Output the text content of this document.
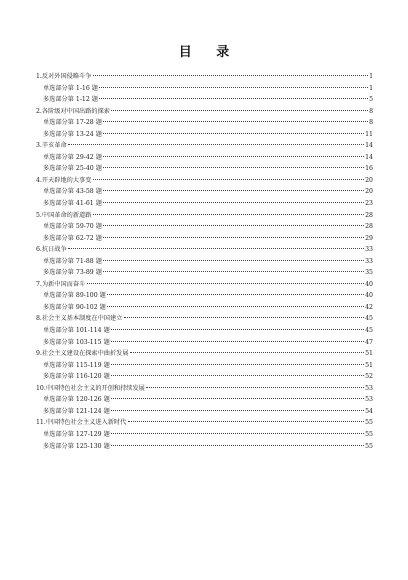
目 录
1.反对外国侵略斗争	1
单选部分第 1-16 题	1
多选部分第 1-12 题	5
2.各阶级对中国出路的探索	8
单选部分第 17-28 题	8
多选部分第 13-24 题	11
3.辛亥革命	14
单选部分第 29-42 题	14
多选部分第 25-40 题	16
4.开天辟地的大事变	20
单选部分第 43-58 题	20
多选部分第 41-61 题	23
5.中国革命的新道路	28
单选部分第 59-70 题	28
多选部分第 62-72 题	29
6.抗日战争	33
单选部分第 71-88 题	33
多选部分第 73-89 题	35
7.为新中国而奋斗	40
单选部分第 89-100 题	40
多选部分第 90-102 题	42
8.社会主义基本制度在中国建立	45
单选部分第 101-114 题	45
多选部分第 103-115 题	47
9.社会主义建设在探索中曲折发展	51
单选部分第 115-119 题	51
多选部分第 116-120 题	52
10.中国特色社会主义的开创和持续发展	53
单选部分第 120-126 题	53
多选部分第 121-124 题	54
11.中国特色社会主义进入新时代	55
单选部分第 127-129 题	55
多选部分第 125-130 题	55
